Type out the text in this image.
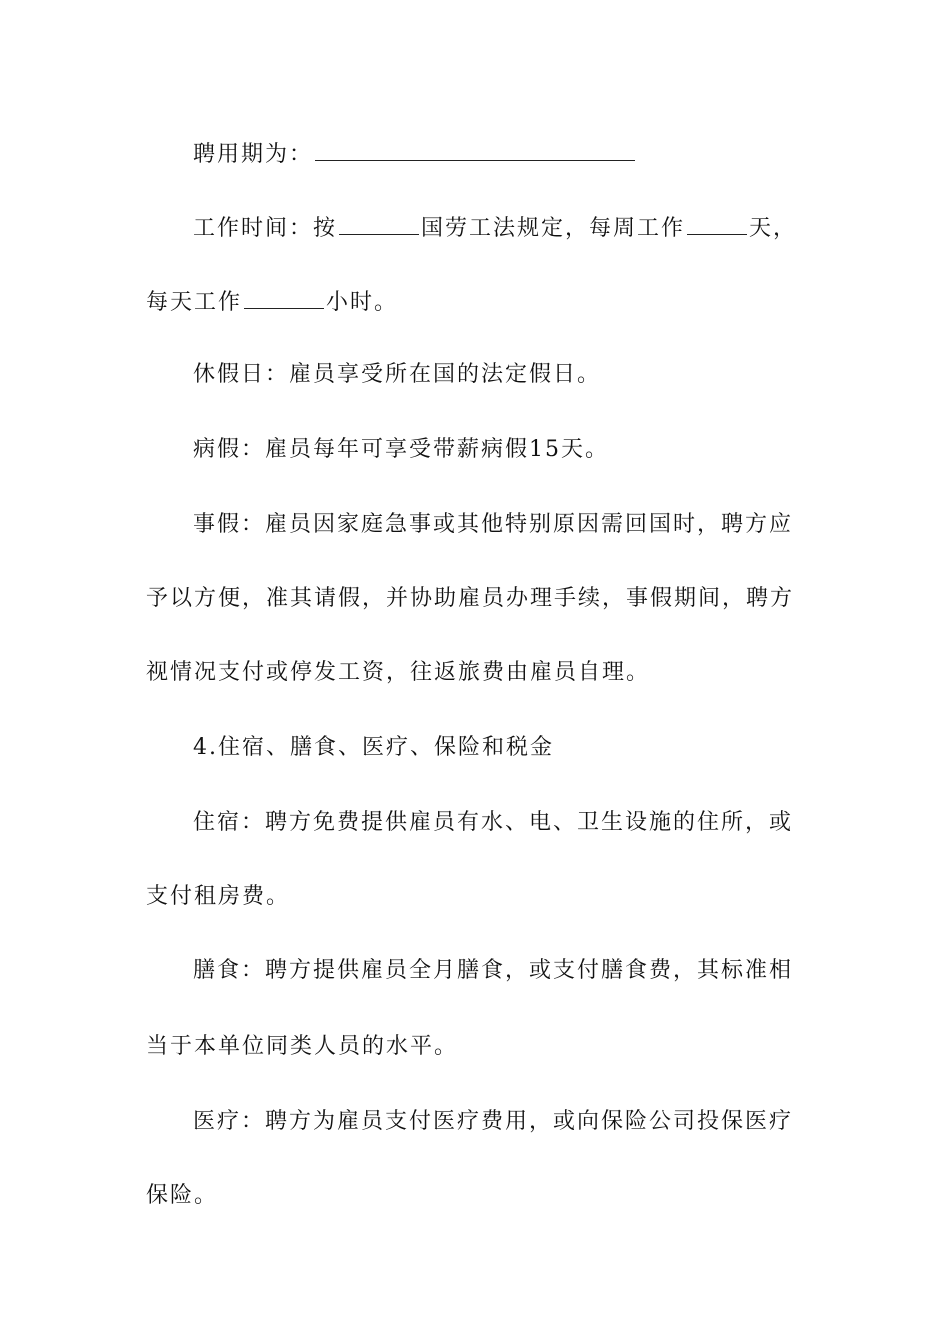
聘用期为：
工作时间：按	国劳工法规定，每周工作	天，
每天工作	小时。
休假日：雇员享受所在国的法定假日。
病假：雇员每年可享受带薪病假15天。
事假：雇员因家庭急事或其他特别原因需回国时，聘方应
予以方便，准其请假，并协助雇员办理手续，事假期间，聘方
视情况支付或停发工资，往返旅费由雇员自理。
4.住宿、膳食、医疗、保险和税金
住宿：聘方免费提供雇员有水、电、卫生设施的住所，或
支付租房费。
膳食：聘方提供雇员全月膳食，或支付膳食费，其标准相
当于本单位同类人员的水平。
医疗：聘方为雇员支付医疗费用，或向保险公司投保医疗
保险。
